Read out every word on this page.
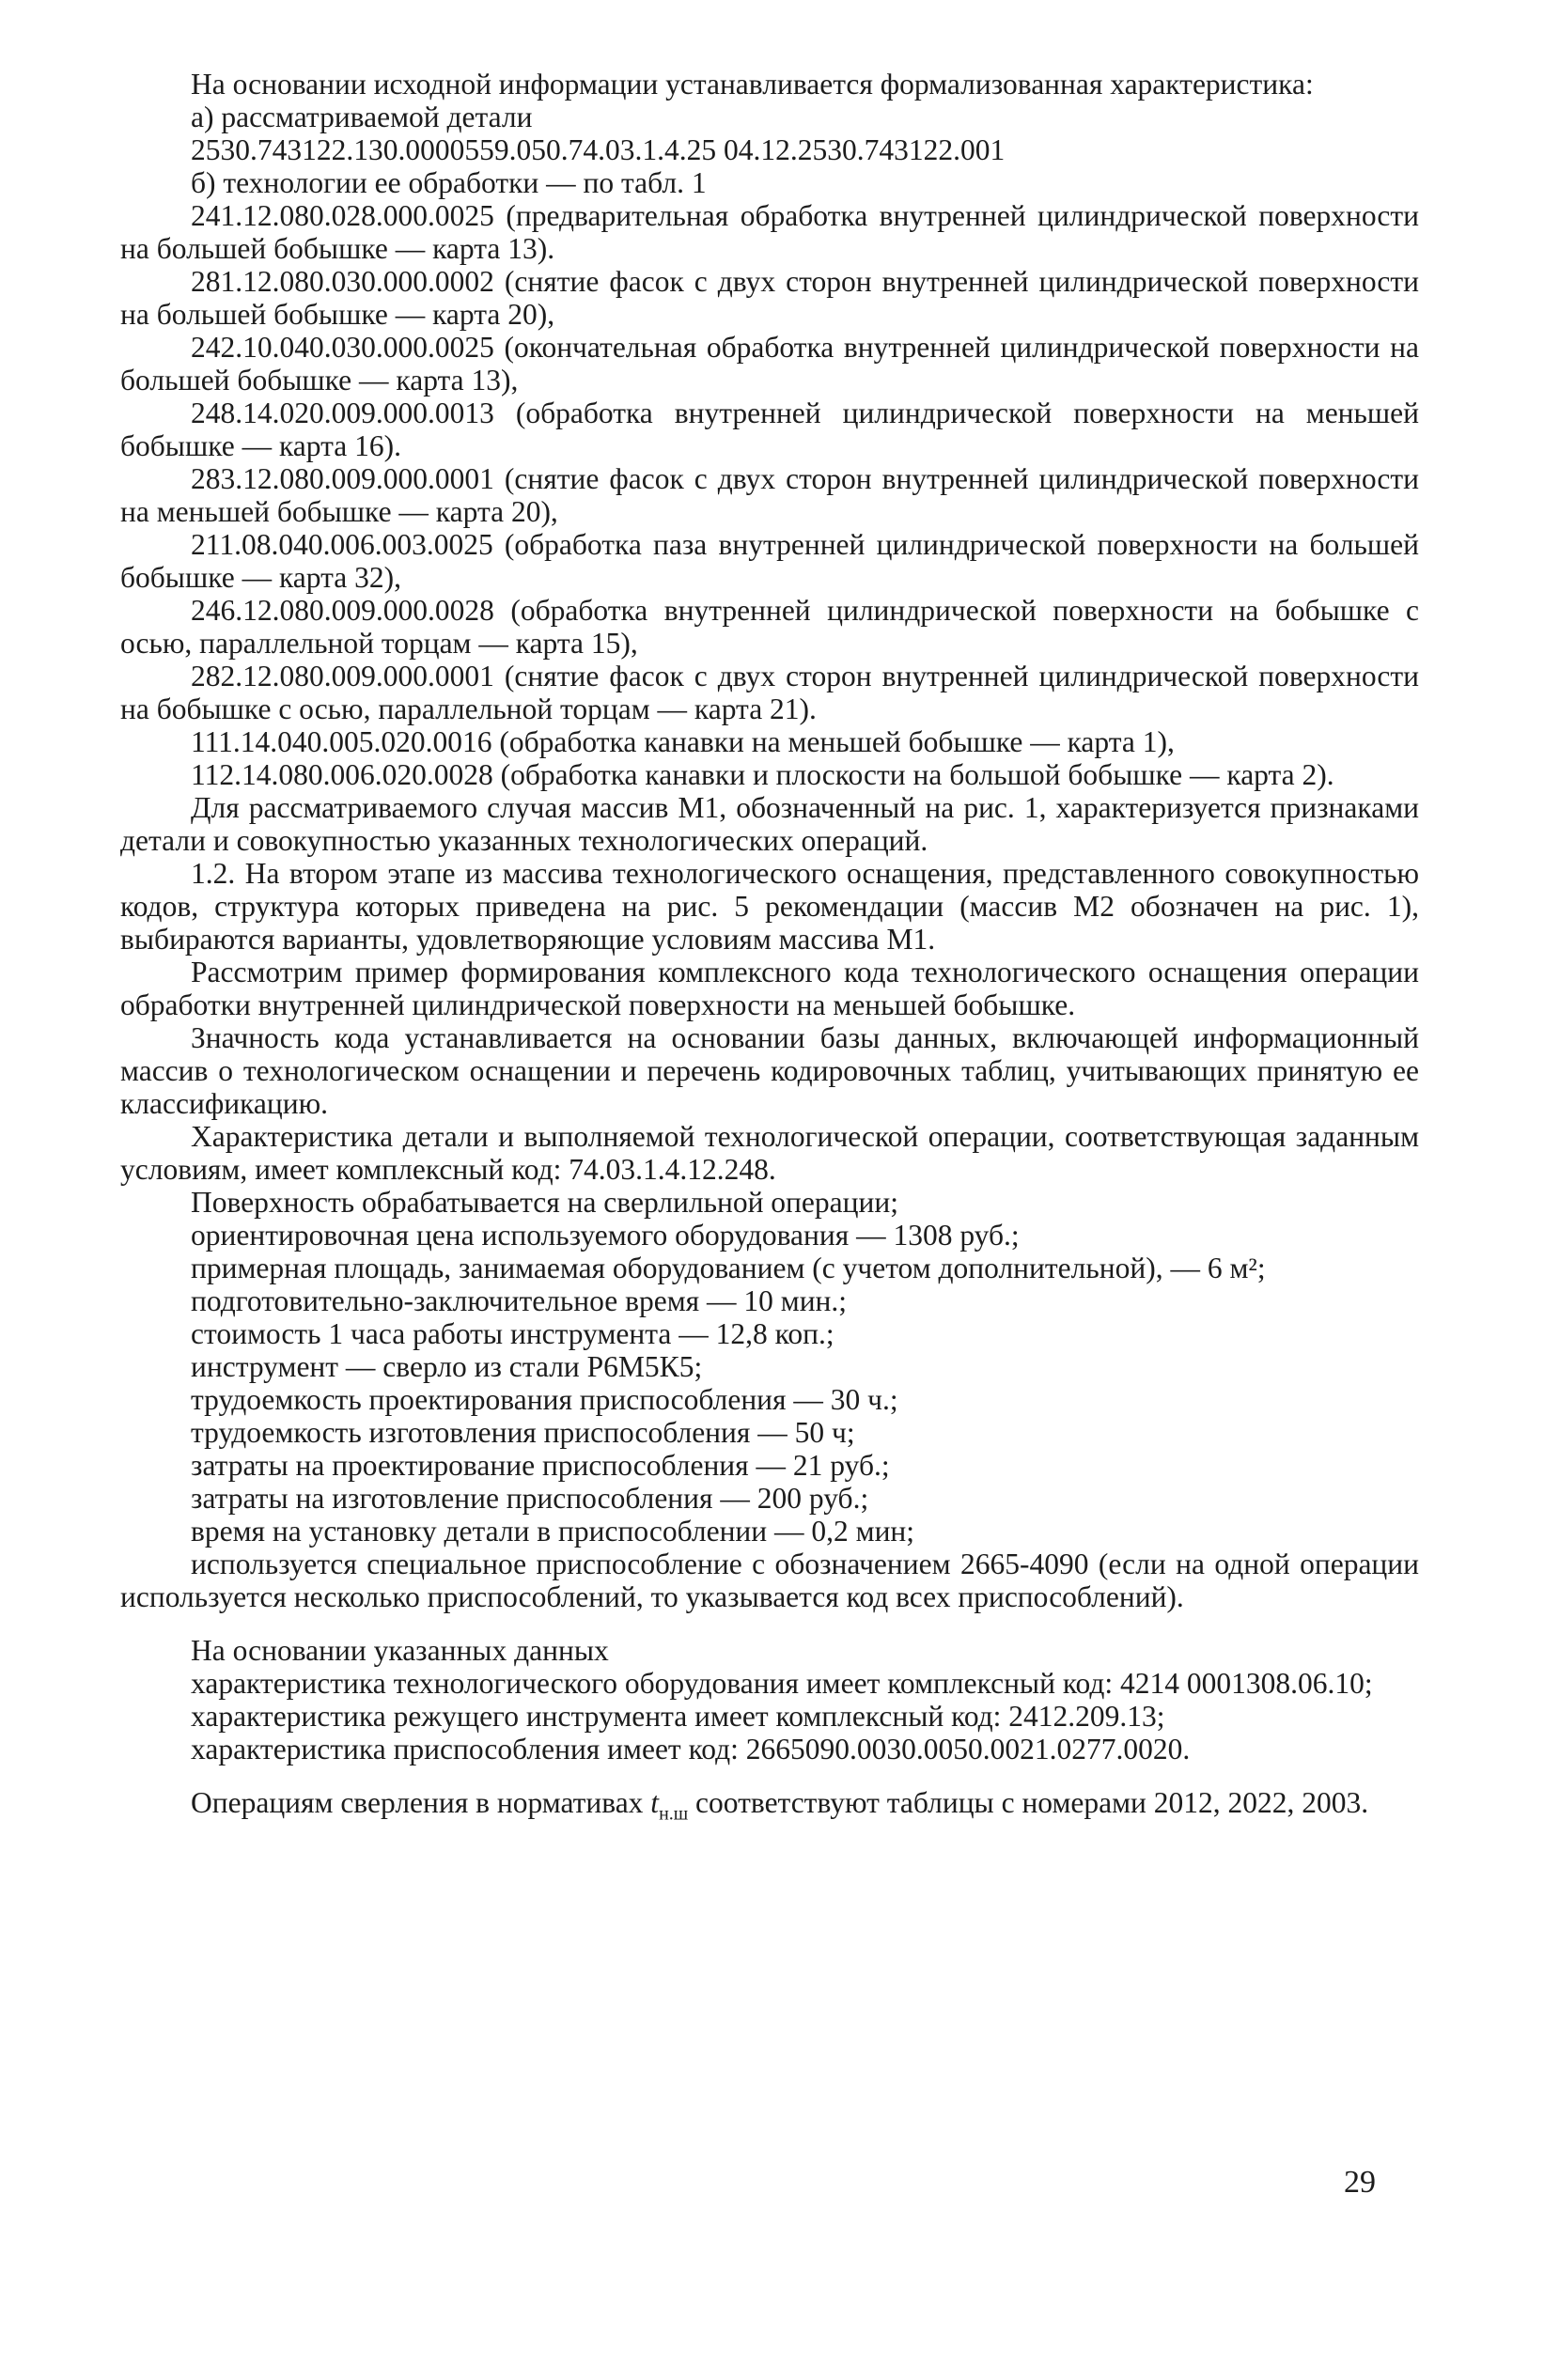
На основании исходной информации устанавливается формализованная характеристика:

а) рассматриваемой детали

2530.743122.130.0000559.050.74.03.1.4.25 04.12.2530.743122.001

б) технологии ее обработки — по табл. 1

241.12.080.028.000.0025 (предварительная обработка внутренней цилиндрической поверхности на большей бобышке — карта 13).

281.12.080.030.000.0002 (снятие фасок с двух сторон внутренней цилиндрической поверхности на большей бобышке — карта 20),

242.10.040.030.000.0025 (окончательная обработка внутренней цилиндрической поверхности на большей бобышке — карта 13),

248.14.020.009.000.0013 (обработка внутренней цилиндрической поверхности на меньшей бобышке — карта 16).

283.12.080.009.000.0001 (снятие фасок с двух сторон внутренней цилиндрической поверхности на меньшей бобышке — карта 20),

211.08.040.006.003.0025 (обработка паза внутренней цилиндрической поверхности на большей бобышке — карта 32),

246.12.080.009.000.0028 (обработка внутренней цилиндрической поверхности на бобышке с осью, параллельной торцам — карта 15),

282.12.080.009.000.0001 (снятие фасок с двух сторон внутренней цилиндрической поверхности на бобышке с осью, параллельной торцам — карта 21).

111.14.040.005.020.0016 (обработка канавки на меньшей бобышке — карта 1),

112.14.080.006.020.0028 (обработка канавки и плоскости на большой бобышке — карта 2).

Для рассматриваемого случая массив М1, обозначенный на рис. 1, характеризуется признаками детали и совокупностью указанных технологических операций.

1.2. На втором этапе из массива технологического оснащения, представленного совокупностью кодов, структура которых приведена на рис. 5 рекомендации (массив М2 обозначен на рис. 1), выбираются варианты, удовлетворяющие условиям массива М1.

Рассмотрим пример формирования комплексного кода технологического оснащения операции обработки внутренней цилиндрической поверхности на меньшей бобышке.

Значность кода устанавливается на основании базы данных, включающей информационный массив о технологическом оснащении и перечень кодировочных таблиц, учитывающих принятую ее классификацию.

Характеристика детали и выполняемой технологической операции, соответствующая заданным условиям, имеет комплексный код: 74.03.1.4.12.248.

Поверхность обрабатывается на сверлильной операции;

ориентировочная цена используемого оборудования — 1308 руб.;

примерная площадь, занимаемая оборудованием (с учетом дополнительной), — 6 м²;

подготовительно-заключительное время — 10 мин.;

стоимость 1 часа работы инструмента — 12,8 коп.;

инструмент — сверло из стали Р6М5К5;

трудоемкость проектирования приспособления — 30 ч.;

трудоемкость изготовления приспособления — 50 ч;

затраты на проектирование приспособления — 21 руб.;

затраты на изготовление приспособления — 200 руб.;

время на установку детали в приспособлении — 0,2 мин;

используется специальное приспособление с обозначением 2665-4090 (если на одной операции используется несколько приспособлений, то указывается код всех приспособлений).

На основании указанных данных

характеристика технологического оборудования имеет комплексный код: 4214 0001308.06.10;

характеристика режущего инструмента имеет комплексный код: 2412.209.13;

характеристика приспособления имеет код: 2665090.0030.0050.0021.0277.0020.

Операциям сверления в нормативах $t_{н.ш}$ соответствуют таблицы с номерами 2012, 2022, 2003.

29
